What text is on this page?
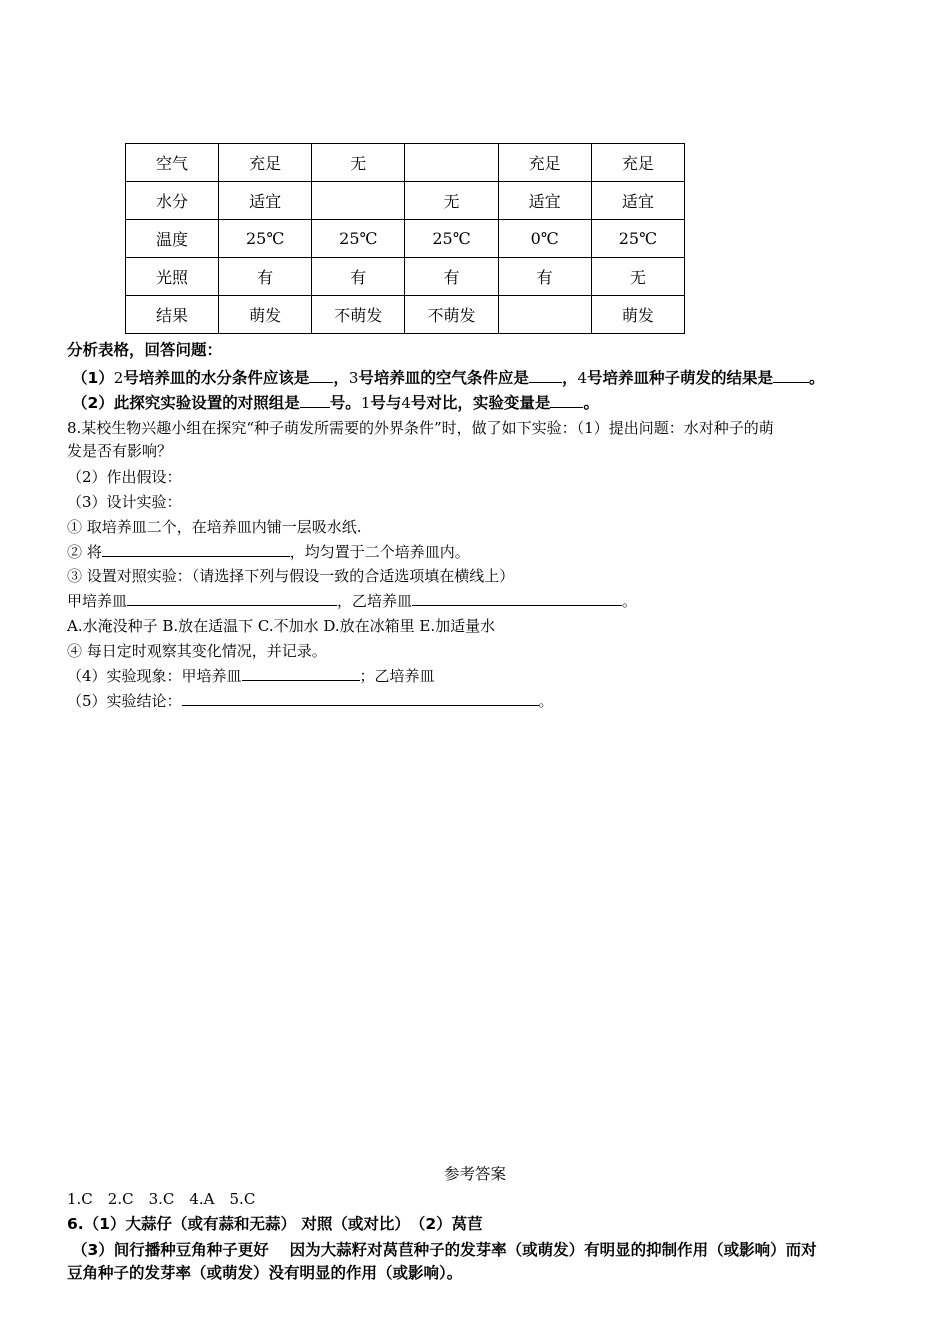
空气	充足	无		充足	充足
水分	适宜		无	适宜	适宜
温度	25℃	25℃	25℃	0℃	25℃
光照	有	有	有	有	无
结果	萌发	不萌发	不萌发		萌发
分析表格，回答问题：
（1）2号培养皿的水分条件应该是 ，3号培养皿的空气条件应是 ，4号培养皿种子萌发的结果是 。
（2）此探究实验设置的对照组是 号。1号与4号对比，实验变量是 。
8.某校生物兴趣小组在探究“种子萌发所需要的外界条件”时，做了如下实验：（1）提出问题：水对种子的萌
发是否有影响？
（2）作出假设：
（3）设计实验：
① 取培养皿二个，在培养皿内铺一层吸水纸.
② 将	，均匀置于二个培养皿内。
③ 设置对照实验：（请选择下列与假设一致的合适选项填在横线上）
甲培养皿	，乙培养皿	。
A.水淹没种子 B.放在适温下 C.不加水 D.放在冰箱里 E.加适量水
④ 每日定时观察其变化情况，并记录。
（4）实验现象：甲培养皿	；乙培养皿
（5）实验结论：	。
参考答案
1.C　2.C　3.C　4.A　5.C
6.（1）大蒜仔（或有蒜和无蒜） 对照（或对比）　（2）莴苣
（3）间行播种豆角种子更好　 因为大蒜籽对莴苣种子的发芽率（或萌发）有明显的抑制作用（或影响）而对
豆角种子的发芽率（或萌发）没有明显的作用（或影响）。
